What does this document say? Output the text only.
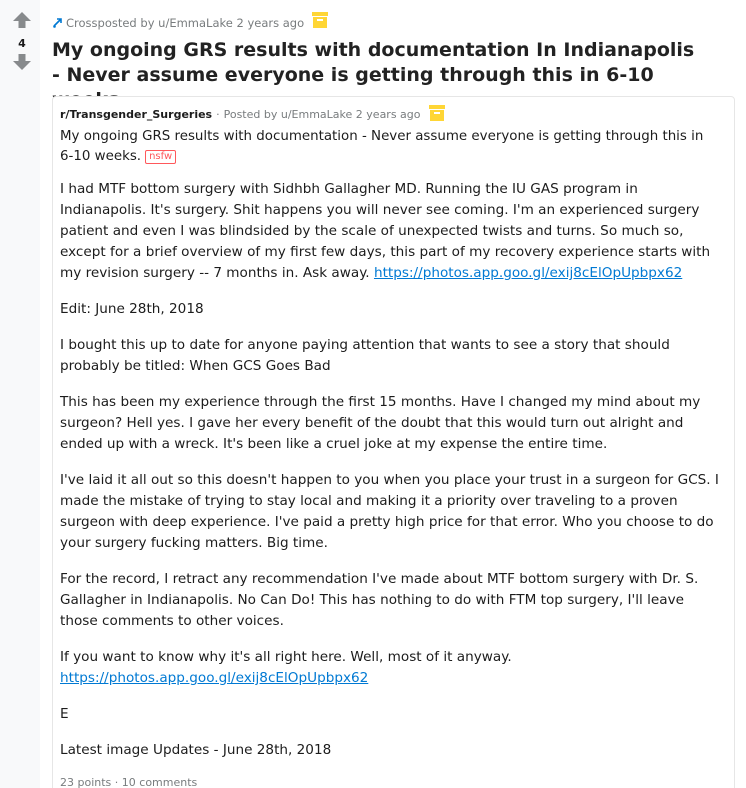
4
Crossposted by
u/EmmaLake
2 years ago
My ongoing GRS results with documentation In Indianapolis - Never assume everyone is getting through this in 6-10
r/Transgender_Surgeries · Posted by
u/EmmaLake
2 years ago
My ongoing GRS results with documentation - Never assume everyone is getting through this in 6-10 weeks. nsfw

I had MTF bottom surgery with Sidhbh Gallagher MD. Running the IU GAS program in Indianapolis. It's surgery. Shit happens you will never see coming. I'm an experienced surgery patient and even I was blindsided by the scale of unexpected twists and turns. So much so, except for a brief overview of my first few days, this part of my recovery experience starts with my revision surgery -- 7 months in. Ask away. https://photos.app.goo.gl/exij8cElOpUpbpx62

Edit: June 28th, 2018

I bought this up to date for anyone paying attention that wants to see a story that should probably be titled: When GCS Goes Bad

This has been my experience through the first 15 months. Have I changed my mind about my surgeon? Hell yes. I gave her every benefit of the doubt that this would turn out alright and ended up with a wreck. It's been like a cruel joke at my expense the entire time.

I've laid it all out so this doesn't happen to you when you place your trust in a surgeon for GCS. I made the mistake of trying to stay local and making it a priority over traveling to a proven surgeon with deep experience. I've paid a pretty high price for that error. Who you choose to do your surgery fucking matters. Big time.

For the record, I retract any recommendation I've made about MTF bottom surgery with Dr. S. Gallagher in Indianapolis. No Can Do! This has nothing to do with FTM top surgery, I'll leave those comments to other voices.

If you want to know why it's all right here. Well, most of it anyway.
https://photos.app.goo.gl/exij8cElOpUpbpx62

E

Latest image Updates - June 28th, 2018

23 points · 10 comments
